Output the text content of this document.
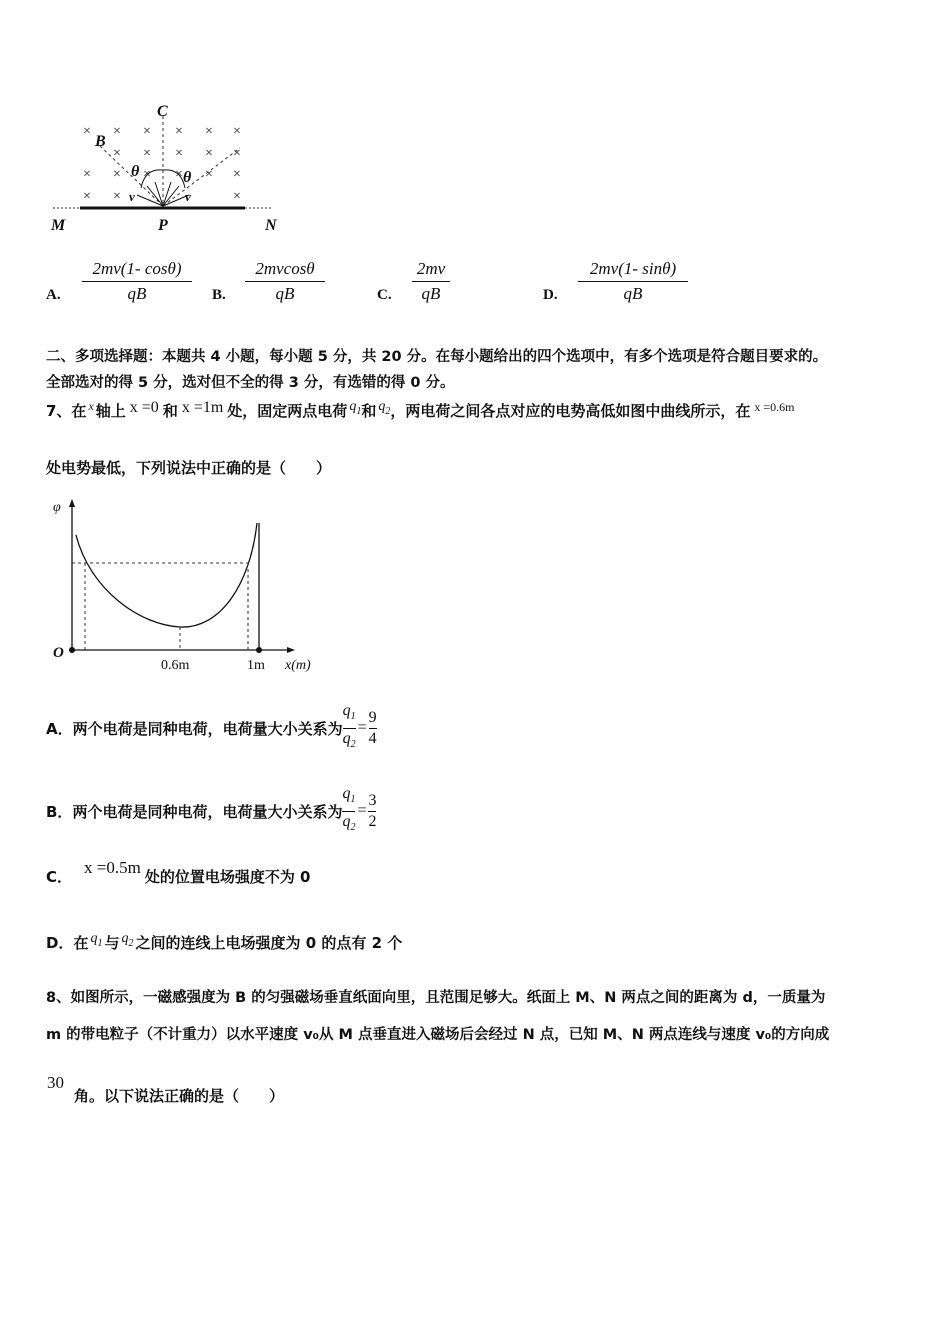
× × × × × ×
× × × × ×
× × × × × ×
× ×	×
C
B
θ	θ
v	v
M	P	N
A.
2mv(1- cosθ)
qB	B.
2mvcosθ
qB	C.
2mv
qB	D.
2mv(1- sinθ)
qB
二、多项选择题：本题共 4 小题，每小题 5 分，共 20 分。在每小题给出的四个选项中，有多个选项是符合题目要求的。
全部选对的得 5 分，选对但不全的得 3 分，有选错的得 0 分。
7、在 x 轴上 x =0 和 x =1m 处，固定两点电荷 $q_1$ 和 $q_2$ ，两电荷之间各点对应的电势高低如图中曲线所示，在 x =0.6m
处电势最低，下列说法中正确的是（　　）
φ
O
0.6m	1m x(m)
A． 两个电荷是同种电荷，电荷量大小关系为
$q_1$
$q_2$
=
9
4
B． 两个电荷是同种电荷，电荷量大小关系为
$q_1$
$q_2$
=
3
2
C． x =0.5m 处的位置电场强度不为 0
D．在 $q_1$ 与 $q_2$ 之间的连线上电场强度为 0 的点有 2 个
8、如图所示，一磁感强度为 B 的匀强磁场垂直纸面向里，且范围足够大。纸面上 M、N 两点之间的距离为 d，一质量为
m 的带电粒子（不计重力）以水平速度 v₀从 M 点垂直进入磁场后会经过 N 点，已知 M、N 两点连线与速度 v₀的方向成
30
角。以下说法正确的是（　　）
